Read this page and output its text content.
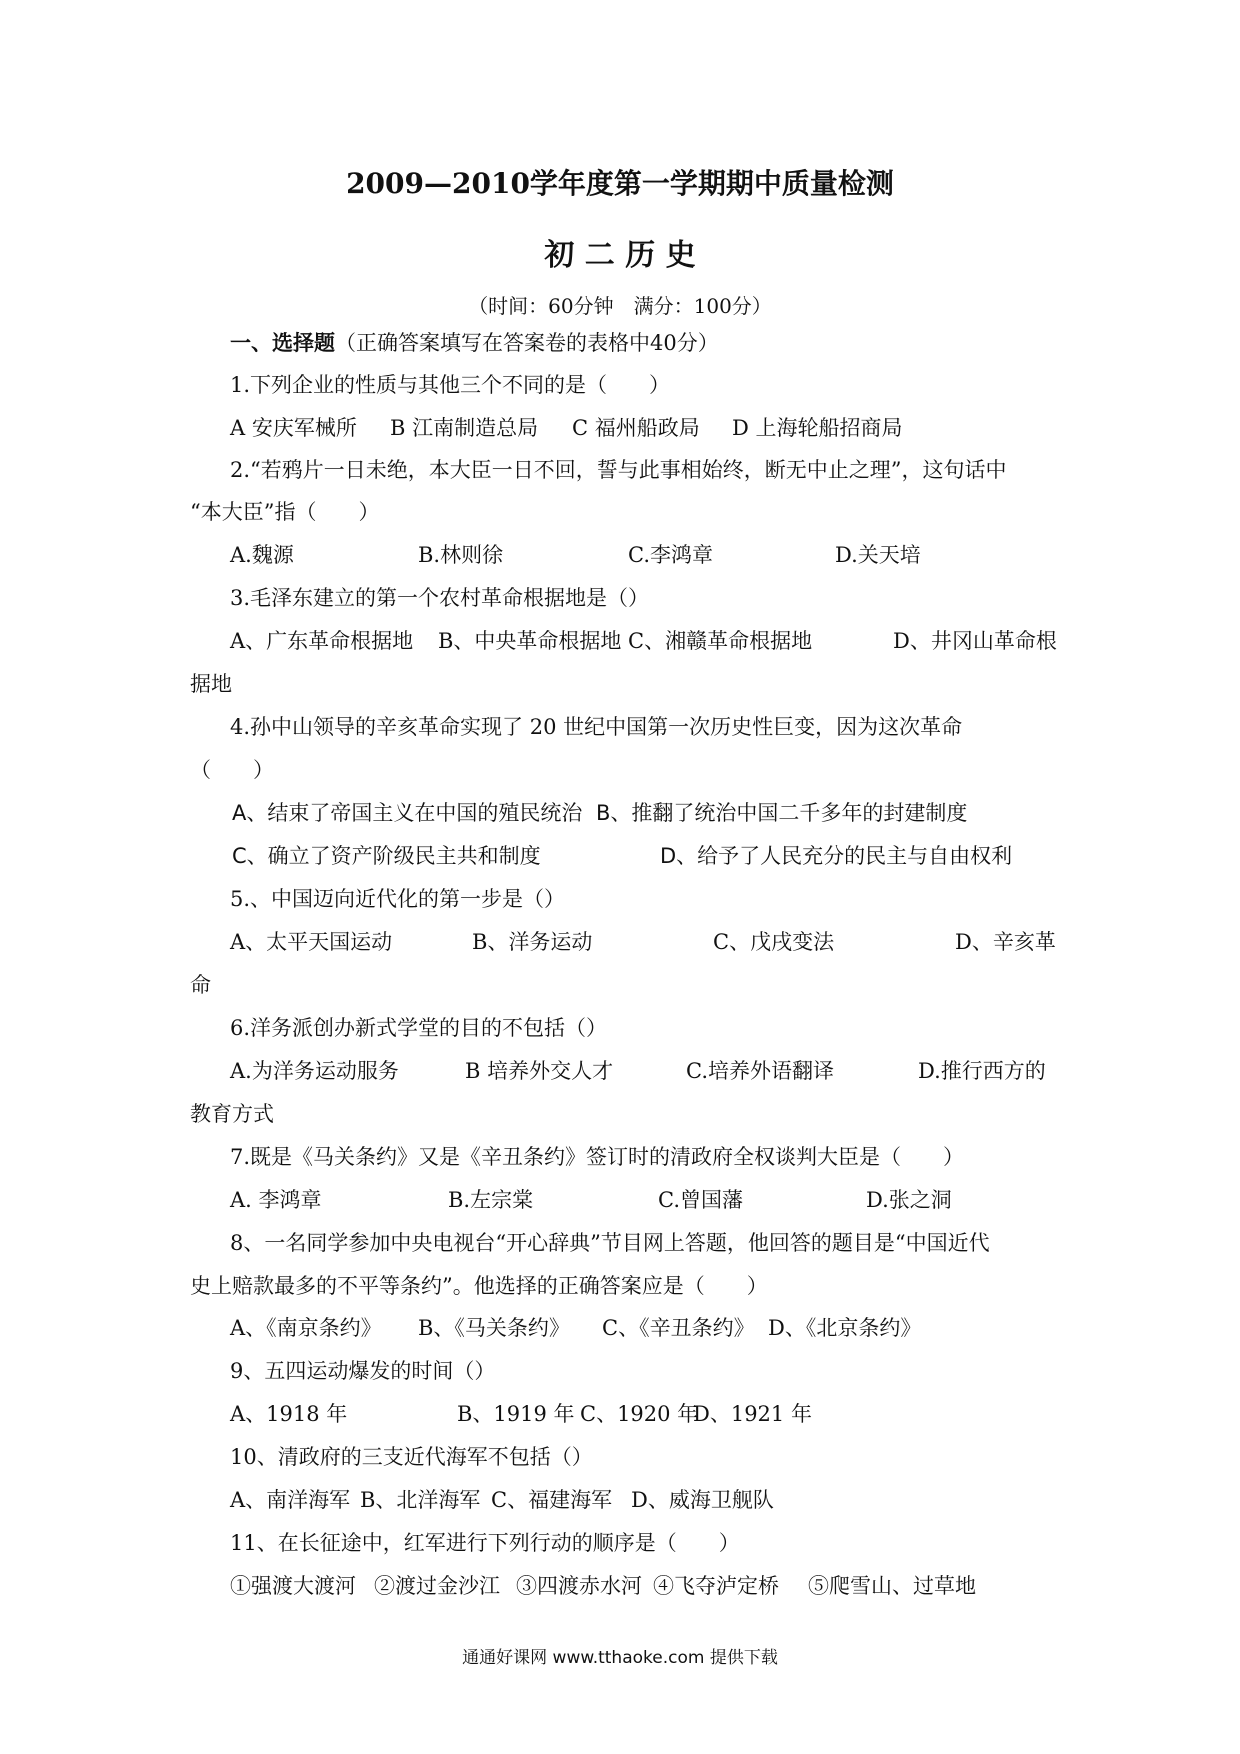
2009—2010学年度第一学期期中质量检测
初 二 历 史
（时间：60分钟　满分：100分）
一、选择题（正确答案填写在答案卷的表格中40分）
1.下列企业的性质与其他三个不同的是（　　）
A 安庆军械所 B 江南制造总局 C 福州船政局 D 上海轮船招商局
2.“若鸦片一日未绝，本大臣一日不回，誓与此事相始终，断无中止之理”，这句话中
“本大臣”指（　　）
A.魏源	B.林则徐	C.李鸿章	D.关天培
3.毛泽东建立的第一个农村革命根据地是（）
A、广东革命根据地 B、中央革命根据地 C、湘赣革命根据地	D、井冈山革命根
据地
4.孙中山领导的辛亥革命实现了 20 世纪中国第一次历史性巨变，因为这次革命
（　　）
A、结束了帝国主义在中国的殖民统治 B、推翻了统治中国二千多年的封建制度
C、确立了资产阶级民主共和制度	D、给予了人民充分的民主与自由权利
5.、中国迈向近代化的第一步是（）
A、太平天国运动	B、洋务运动	C、戊戌变法	D、辛亥革
命
6.洋务派创办新式学堂的目的不包括（）
A.为洋务运动服务	B 培养外交人才	C.培养外语翻译	D.推行西方的
教育方式
7.既是《马关条约》又是《辛丑条约》签订时的清政府全权谈判大臣是（　　）
A. 李鸿章	B.左宗棠	C.曾国藩	D.张之洞
8、一名同学参加中央电视台“开心辞典”节目网上答题，他回答的题目是“中国近代
史上赔款最多的不平等条约”。他选择的正确答案应是（　　）
A、《南京条约》 B、《马关条约》 C、《辛丑条约》 D、《北京条约》
9、五四运动爆发的时间（）
A、1918 年	B、1919 年 C、1920 年
D、1921 年
10、清政府的三支近代海军不包括（）
A、南洋海军 B、北洋海军 C、福建海军 D、威海卫舰队
11、在长征途中，红军进行下列行动的顺序是（　　）
①强渡大渡河 ②渡过金沙江 ③四渡赤水河 ④飞夺泸定桥 ⑤爬雪山、过草地
通通好课网 www.tthaoke.com 提供下载
